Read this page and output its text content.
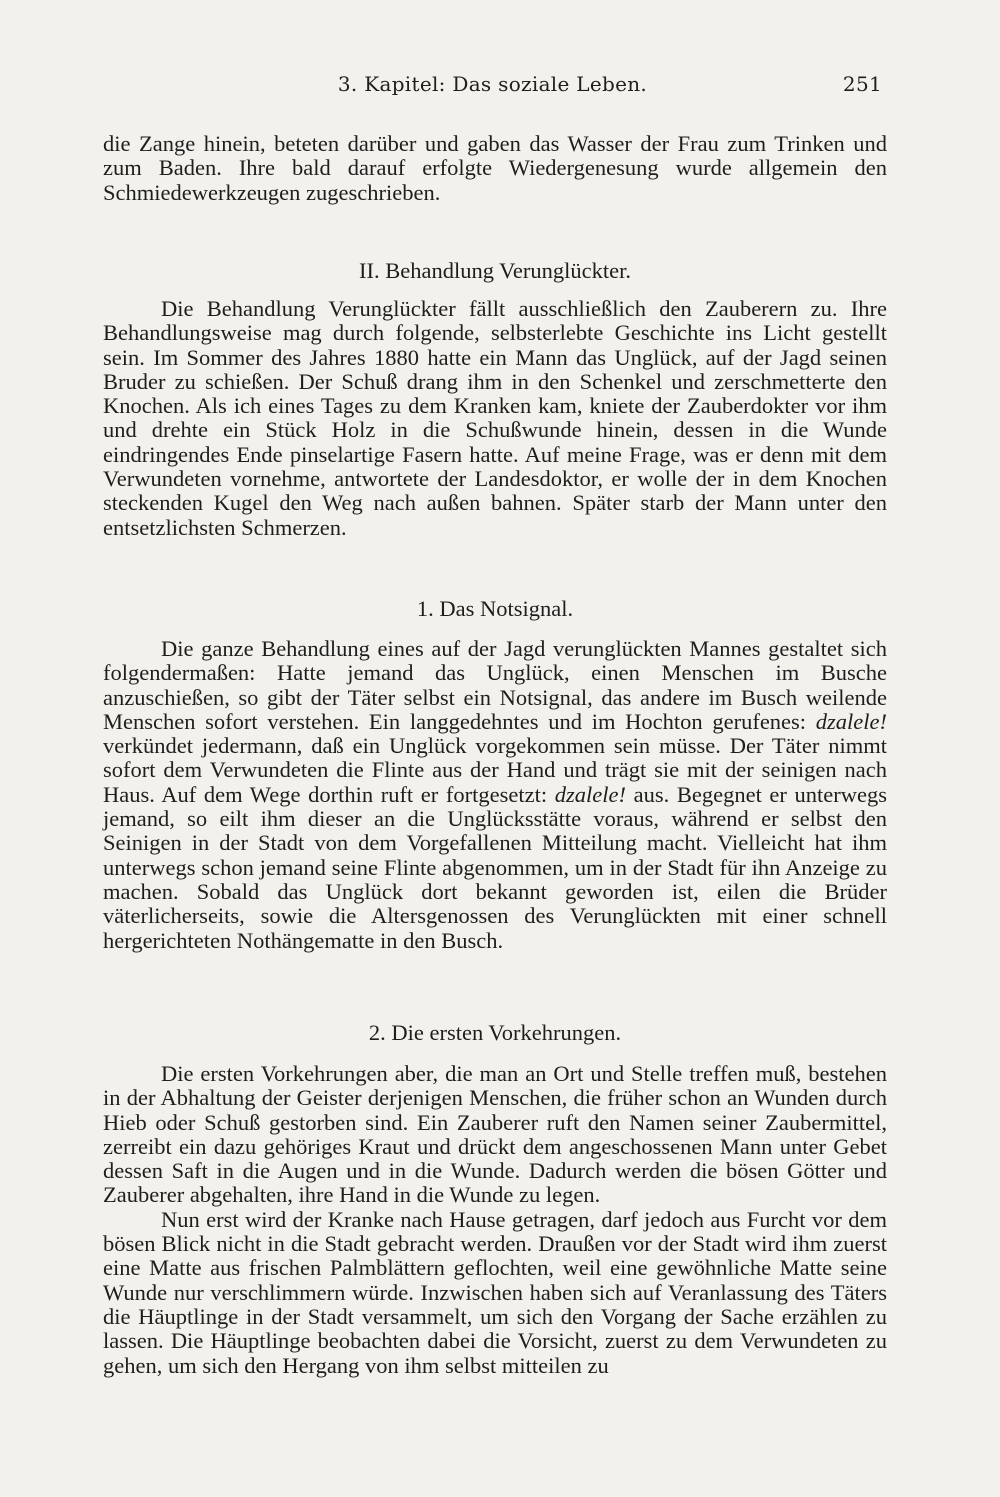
3. Kapitel: Das soziale Leben.	251

die Zange hinein, beteten darüber und gaben das Wasser der Frau zum Trinken und zum Baden. Ihre bald darauf erfolgte Wiedergenesung wurde allgemein den Schmiedewerkzeugen zugeschrieben.

II. Behandlung Verunglückter.

Die Behandlung Verunglückter fällt ausschließlich den Zauberern zu. Ihre Behandlungsweise mag durch folgende, selbsterlebte Geschichte ins Licht gestellt sein. Im Sommer des Jahres 1880 hatte ein Mann das Unglück, auf der Jagd seinen Bruder zu schießen. Der Schuß drang ihm in den Schenkel und zerschmetterte den Knochen. Als ich eines Tages zu dem Kranken kam, kniete der Zauberdokter vor ihm und drehte ein Stück Holz in die Schußwunde hinein, dessen in die Wunde eindringendes Ende pinselartige Fasern hatte. Auf meine Frage, was er denn mit dem Verwundeten vornehme, antwortete der Landesdoktor, er wolle der in dem Knochen steckenden Kugel den Weg nach außen bahnen. Später starb der Mann unter den entsetzlichsten Schmerzen.

1. Das Notsignal.

Die ganze Behandlung eines auf der Jagd verunglückten Mannes gestaltet sich folgendermaßen: Hatte jemand das Unglück, einen Menschen im Busche anzuschießen, so gibt der Täter selbst ein Notsignal, das andere im Busch weilende Menschen sofort verstehen. Ein langgedehntes und im Hochton gerufenes: dzalele! verkündet jedermann, daß ein Unglück vorgekommen sein müsse. Der Täter nimmt sofort dem Verwundeten die Flinte aus der Hand und trägt sie mit der seinigen nach Haus. Auf dem Wege dorthin ruft er fortgesetzt: dzalele! aus. Begegnet er unterwegs jemand, so eilt ihm dieser an die Unglücksstätte voraus, während er selbst den Seinigen in der Stadt von dem Vorgefallenen Mitteilung macht. Vielleicht hat ihm unterwegs schon jemand seine Flinte abgenommen, um in der Stadt für ihn Anzeige zu machen. Sobald das Unglück dort bekannt geworden ist, eilen die Brüder väterlicherseits, sowie die Altersgenossen des Verunglückten mit einer schnell hergerichteten Nothängematte in den Busch.

2. Die ersten Vorkehrungen.

Die ersten Vorkehrungen aber, die man an Ort und Stelle treffen muß, bestehen in der Abhaltung der Geister derjenigen Menschen, die früher schon an Wunden durch Hieb oder Schuß gestorben sind. Ein Zauberer ruft den Namen seiner Zaubermittel, zerreibt ein dazu gehöriges Kraut und drückt dem angeschossenen Mann unter Gebet dessen Saft in die Augen und in die Wunde. Dadurch werden die bösen Götter und Zauberer abgehalten, ihre Hand in die Wunde zu legen.

Nun erst wird der Kranke nach Hause getragen, darf jedoch aus Furcht vor dem bösen Blick nicht in die Stadt gebracht werden. Draußen vor der Stadt wird ihm zuerst eine Matte aus frischen Palmblättern geflochten, weil eine gewöhnliche Matte seine Wunde nur verschlimmern würde. Inzwischen haben sich auf Veranlassung des Täters die Häuptlinge in der Stadt versammelt, um sich den Vorgang der Sache erzählen zu lassen. Die Häuptlinge beobachten dabei die Vorsicht, zuerst zu dem Verwundeten zu gehen, um sich den Hergang von ihm selbst mitteilen zu
